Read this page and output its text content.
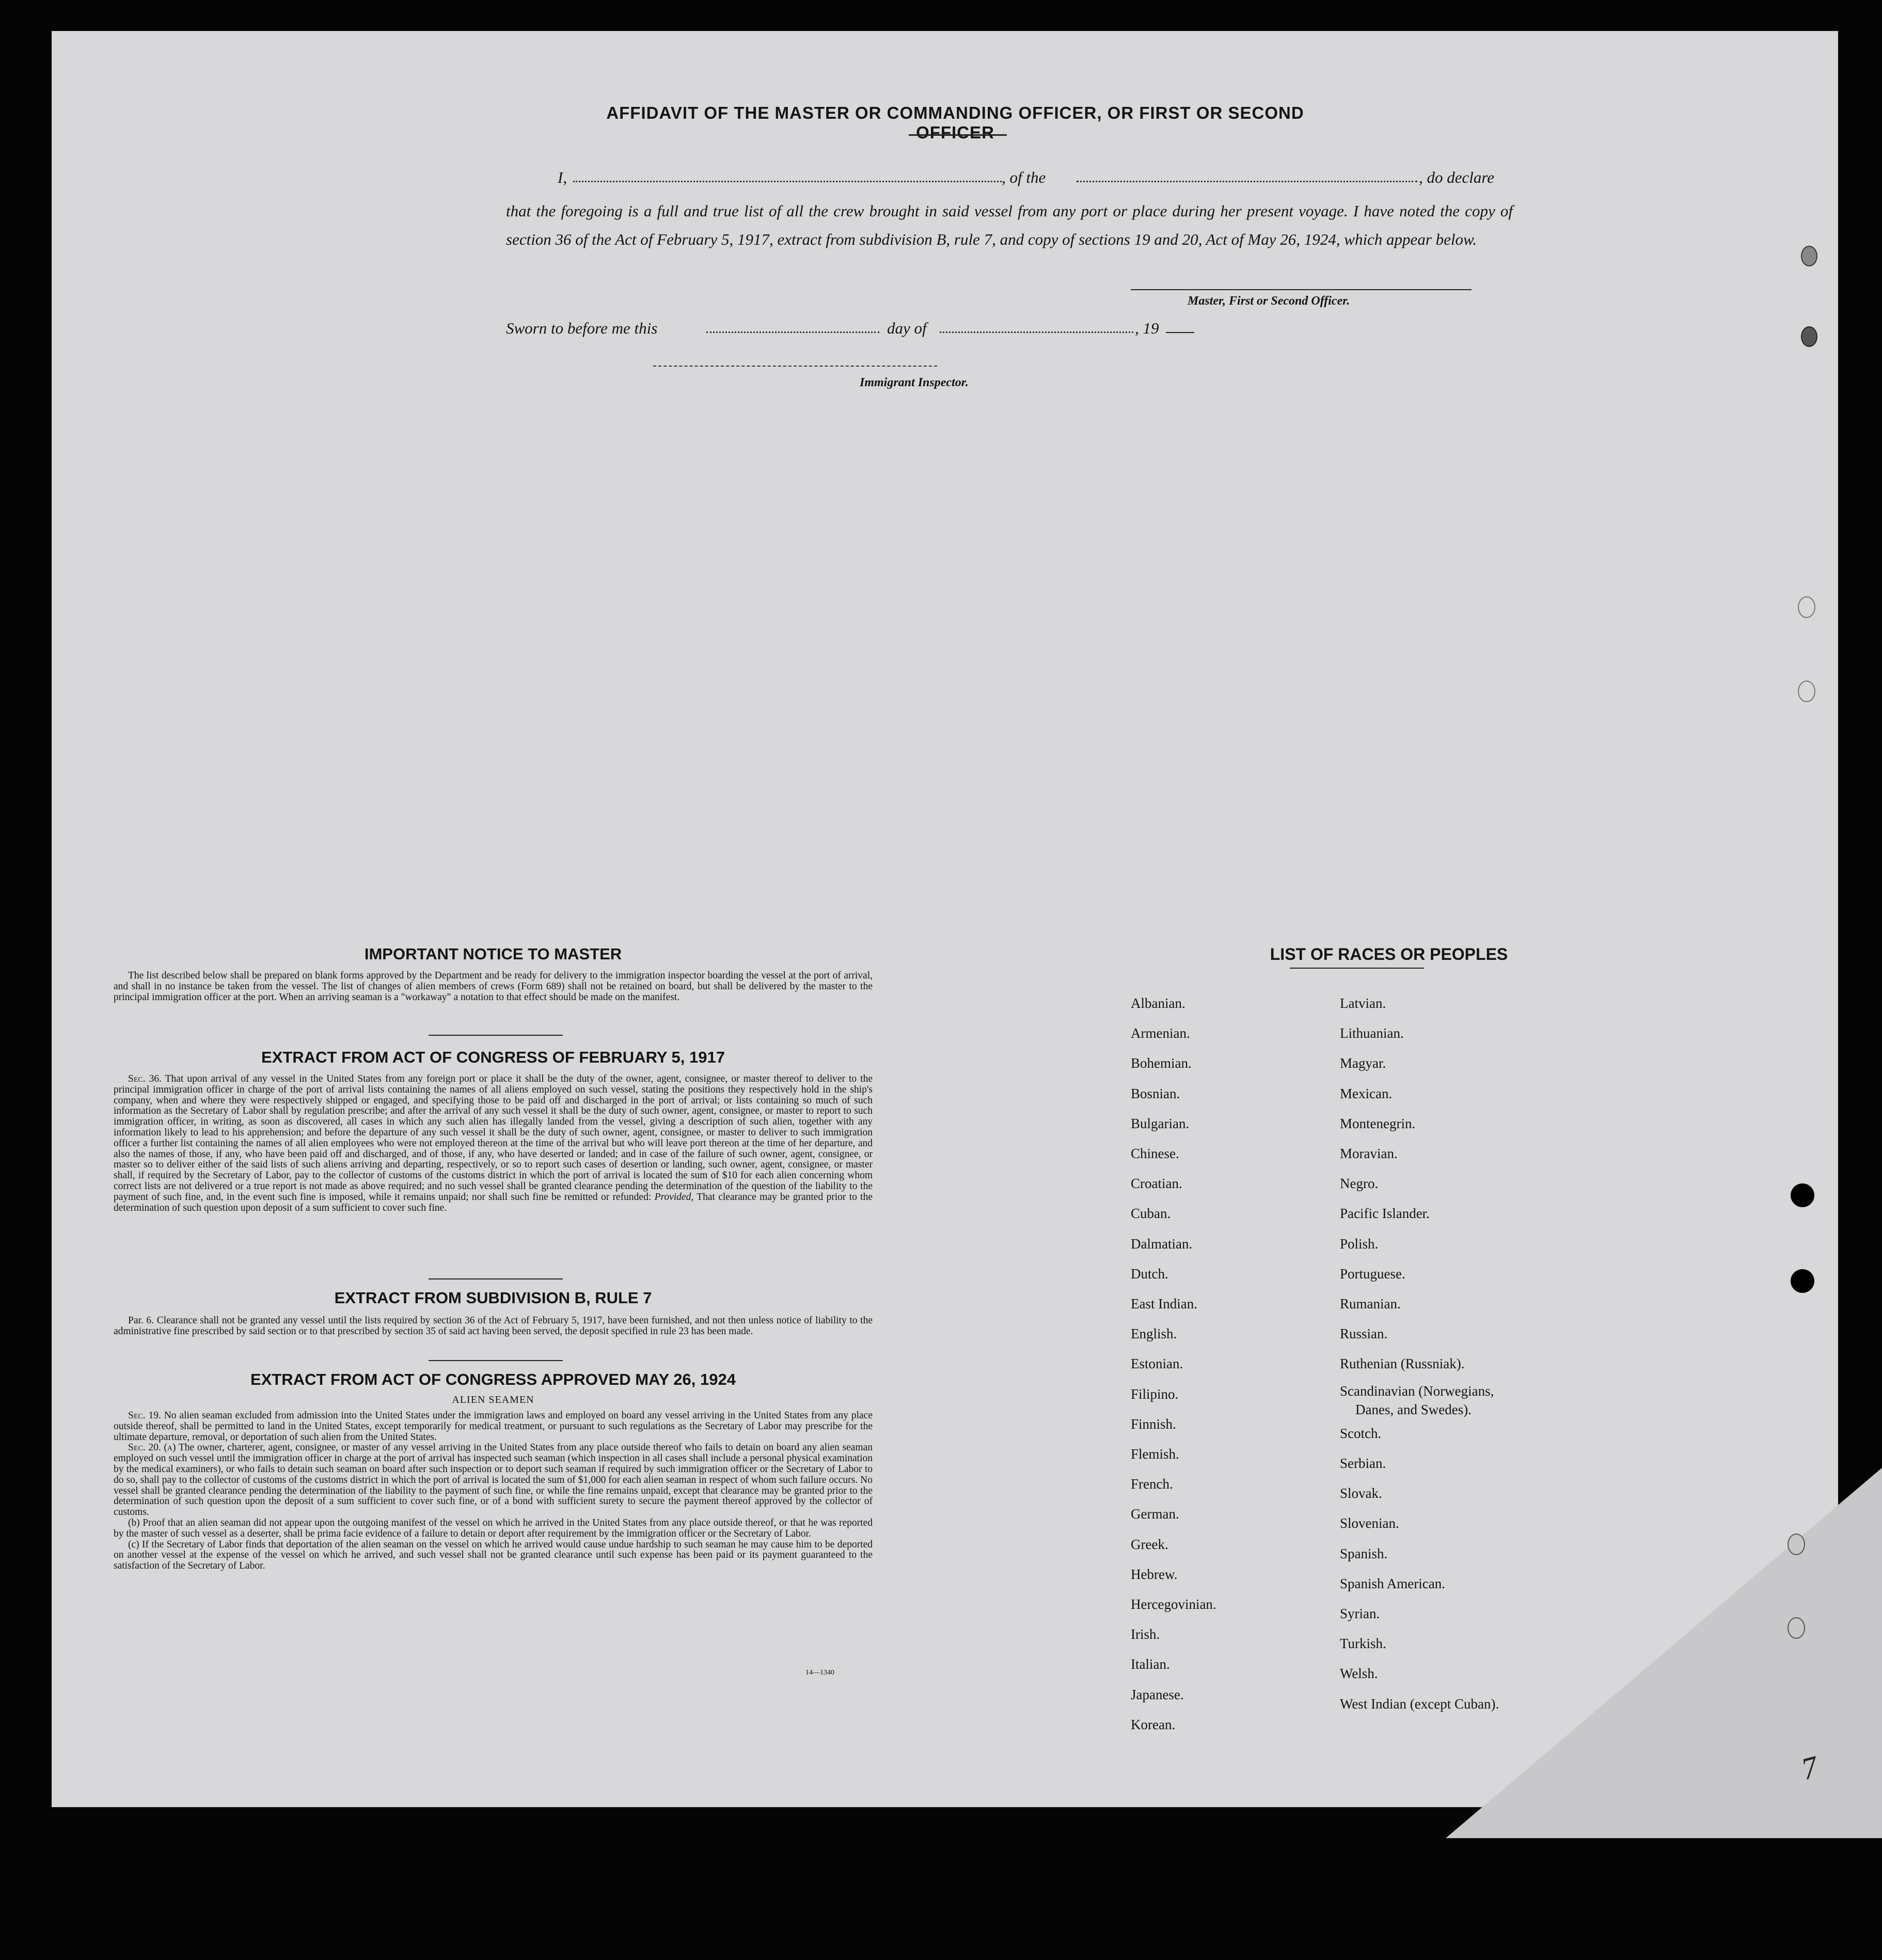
AFFIDAVIT OF THE MASTER OR COMMANDING OFFICER, OR FIRST OR SECOND OFFICER
I,	, of the	, do declare
that the foregoing is a full and true list of all the crew brought in said vessel from any port or place during her present voyage. I have noted the copy of section 36 of the Act of February 5, 1917, extract from subdivision B, rule 7, and copy of sections 19 and 20, Act of May 26, 1924, which appear below.
Master, First or Second Officer.
Sworn to before me this	day of	, 19
Immigrant Inspector.
IMPORTANT NOTICE TO MASTER

The list described below shall be prepared on blank forms approved by the Department and be ready for delivery to the immigration inspector boarding the vessel at the port of arrival, and shall in no instance be taken from the vessel. The list of changes of alien members of crews (Form 689) shall not be retained on board, but shall be delivered by the master to the principal immigration officer at the port. When an arriving seaman is a "workaway" a notation to that effect should be made on the manifest.

EXTRACT FROM ACT OF CONGRESS OF FEBRUARY 5, 1917

Sec. 36. That upon arrival of any vessel in the United States from any foreign port or place it shall be the duty of the owner, agent, consignee, or master thereof to deliver to the principal immigration officer in charge of the port of arrival lists containing the names of all aliens employed on such vessel, stating the positions they respectively hold in the ship's company, when and where they were respectively shipped or engaged, and specifying those to be paid off and discharged in the port of arrival; or lists containing so much of such information as the Secretary of Labor shall by regulation prescribe; and after the arrival of any such vessel it shall be the duty of such owner, agent, consignee, or master to report to such immigration officer, in writing, as soon as discovered, all cases in which any such alien has illegally landed from the vessel, giving a description of such alien, together with any information likely to lead to his apprehension; and before the departure of any such vessel it shall be the duty of such owner, agent, consignee, or master to deliver to such immigration officer a further list containing the names of all alien employees who were not employed thereon at the time of the arrival but who will leave port thereon at the time of her departure, and also the names of those, if any, who have been paid off and discharged, and of those, if any, who have deserted or landed; and in case of the failure of such owner, agent, consignee, or master so to deliver either of the said lists of such aliens arriving and departing, respectively, or so to report such cases of desertion or landing, such owner, agent, consignee, or master shall, if required by the Secretary of Labor, pay to the collector of customs of the customs district in which the port of arrival is located the sum of $10 for each alien concerning whom correct lists are not delivered or a true report is not made as above required; and no such vessel shall be granted clearance pending the determination of the question of the liability to the payment of such fine, and, in the event such fine is imposed, while it remains unpaid; nor shall such fine be remitted or refunded: Provided, That clearance may be granted prior to the determination of such question upon deposit of a sum sufficient to cover such fine.

EXTRACT FROM SUBDIVISION B, RULE 7

Par. 6. Clearance shall not be granted any vessel until the lists required by section 36 of the Act of February 5, 1917, have been furnished, and not then unless notice of liability to the administrative fine prescribed by said section or to that prescribed by section 35 of said act having been served, the deposit specified in rule 23 has been made.

EXTRACT FROM ACT OF CONGRESS APPROVED MAY 26, 1924
ALIEN SEAMEN

Sec. 19. No alien seaman excluded from admission into the United States under the immigration laws and employed on board any vessel arriving in the United States from any place outside thereof, shall be permitted to land in the United States, except temporarily for medical treatment, or pursuant to such regulations as the Secretary of Labor may prescribe for the ultimate departure, removal, or deportation of such alien from the United States.

Sec. 20. (a) The owner, charterer, agent, consignee, or master of any vessel arriving in the United States from any place outside thereof who fails to detain on board any alien seaman employed on such vessel until the immigration officer in charge at the port of arrival has inspected such seaman (which inspection in all cases shall include a personal physical examination by the medical examiners), or who fails to detain such seaman on board after such inspection or to deport such seaman if required by such immigration officer or the Secretary of Labor to do so, shall pay to the collector of customs of the customs district in which the port of arrival is located the sum of $1,000 for each alien seaman in respect of whom such failure occurs. No vessel shall be granted clearance pending the determination of the liability to the payment of such fine, or while the fine remains unpaid, except that clearance may be granted prior to the determination of such question upon the deposit of a sum sufficient to cover such fine, or of a bond with sufficient surety to secure the payment thereof approved by the collector of customs.

(b) Proof that an alien seaman did not appear upon the outgoing manifest of the vessel on which he arrived in the United States from any place outside thereof, or that he was reported by the master of such vessel as a deserter, shall be prima facie evidence of a failure to detain or deport after requirement by the immigration officer or the Secretary of Labor.

(c) If the Secretary of Labor finds that deportation of the alien seaman on the vessel on which he arrived would cause undue hardship to such seaman he may cause him to be deported on another vessel at the expense of the vessel on which he arrived, and such vessel shall not be granted clearance until such expense has been paid or its payment guaranteed to the satisfaction of the Secretary of Labor.

14—1340
LIST OF RACES OR PEOPLES
7
Albanian.
Armenian.
Bohemian.
Bosnian.
Bulgarian.
Chinese.
Croatian.
Cuban.
Dalmatian.
Dutch.
East Indian.
English.
Estonian.
Filipino.
Finnish.
Flemish.
French.
German.
Greek.
Hebrew.
Hercegovinian.
Irish.
Italian.
Japanese.
Korean.
Latvian.
Lithuanian.
Magyar.
Mexican.
Montenegrin.
Moravian.
Negro.
Pacific Islander.
Polish.
Portuguese.
Rumanian.
Russian.
Ruthenian (Russniak).
Scandinavian (Norwegians,
Danes, and Swedes).
Scotch.
Serbian.
Slovak.
Slovenian.
Spanish.
Spanish American.
Syrian.
Turkish.
Welsh.
West Indian (except Cuban).
